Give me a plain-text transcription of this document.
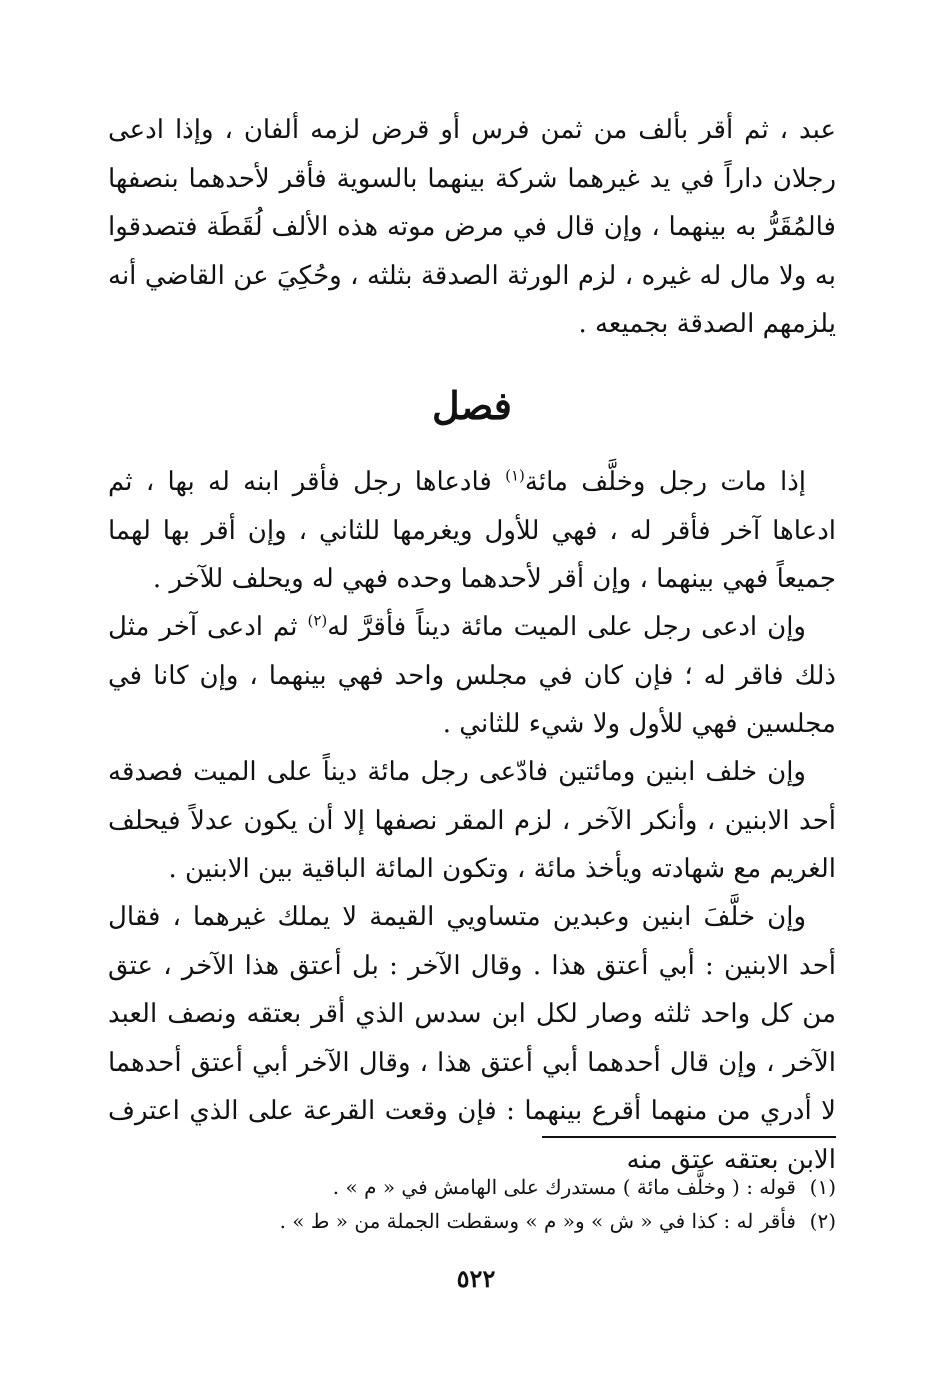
عبد ، ثم أقر بألف من ثمن فرس أو قرض لزمه ألفان ، وإذا ادعى رجلان داراً في يد غيرهما شركة بينهما بالسوية فأقر لأحدهما بنصفها فالمُقَرُّ به بينهما ، وإن قال في مرض موته هذه الألف لُقَطَة فتصدقوا به ولا مال له غيره ، لزم الورثة الصدقة بثلثه ، وحُكِيَ عن القاضي أنه يلزمهم الصدقة بجميعه .

فصل

إذا مات رجل وخلَّف مائة$^{(١)}$ فادعاها رجل فأقر ابنه له بها ، ثم ادعاها آخر فأقر له ، فهي للأول ويغرمها للثاني ، وإن أقر بها لهما جميعاً فهي بينهما ، وإن أقر لأحدهما وحده فهي له ويحلف للآخر .

وإن ادعى رجل على الميت مائة ديناً فأقرَّ له$^{(٢)}$ ثم ادعى آخر مثل ذلك فاقر له ؛ فإن كان في مجلس واحد فهي بينهما ، وإن كانا في مجلسين فهي للأول ولا شيء للثاني .

وإن خلف ابنين ومائتين فادّعى رجل مائة ديناً على الميت فصدقه أحد الابنين ، وأنكر الآخر ، لزم المقر نصفها إلا أن يكون عدلاً فيحلف الغريم مع شهادته ويأخذ مائة ، وتكون المائة الباقية بين الابنين .

وإن خلَّفَ ابنين وعبدين متساويي القيمة لا يملك غيرهما ، فقال أحد الابنين : أبي أعتق هذا . وقال الآخر : بل أعتق هذا الآخر ، عتق من كل واحد ثلثه وصار لكل ابن سدس الذي أقر بعتقه ونصف العبد الآخر ، وإن قال أحدهما أبي أعتق هذا ، وقال الآخر أبي أعتق أحدهما لا أدري من منهما أقرع بينهما : فإن وقعت القرعة على الذي اعترف الابن بعتقه عتق منه

(١)
قوله : ( وخلَّف مائة ) مستدرك على الهامش في « م » .

(٢)
فأقر له : كذا في « ش » و« م » وسقطت الجملة من « ط » .

٥٢٢
